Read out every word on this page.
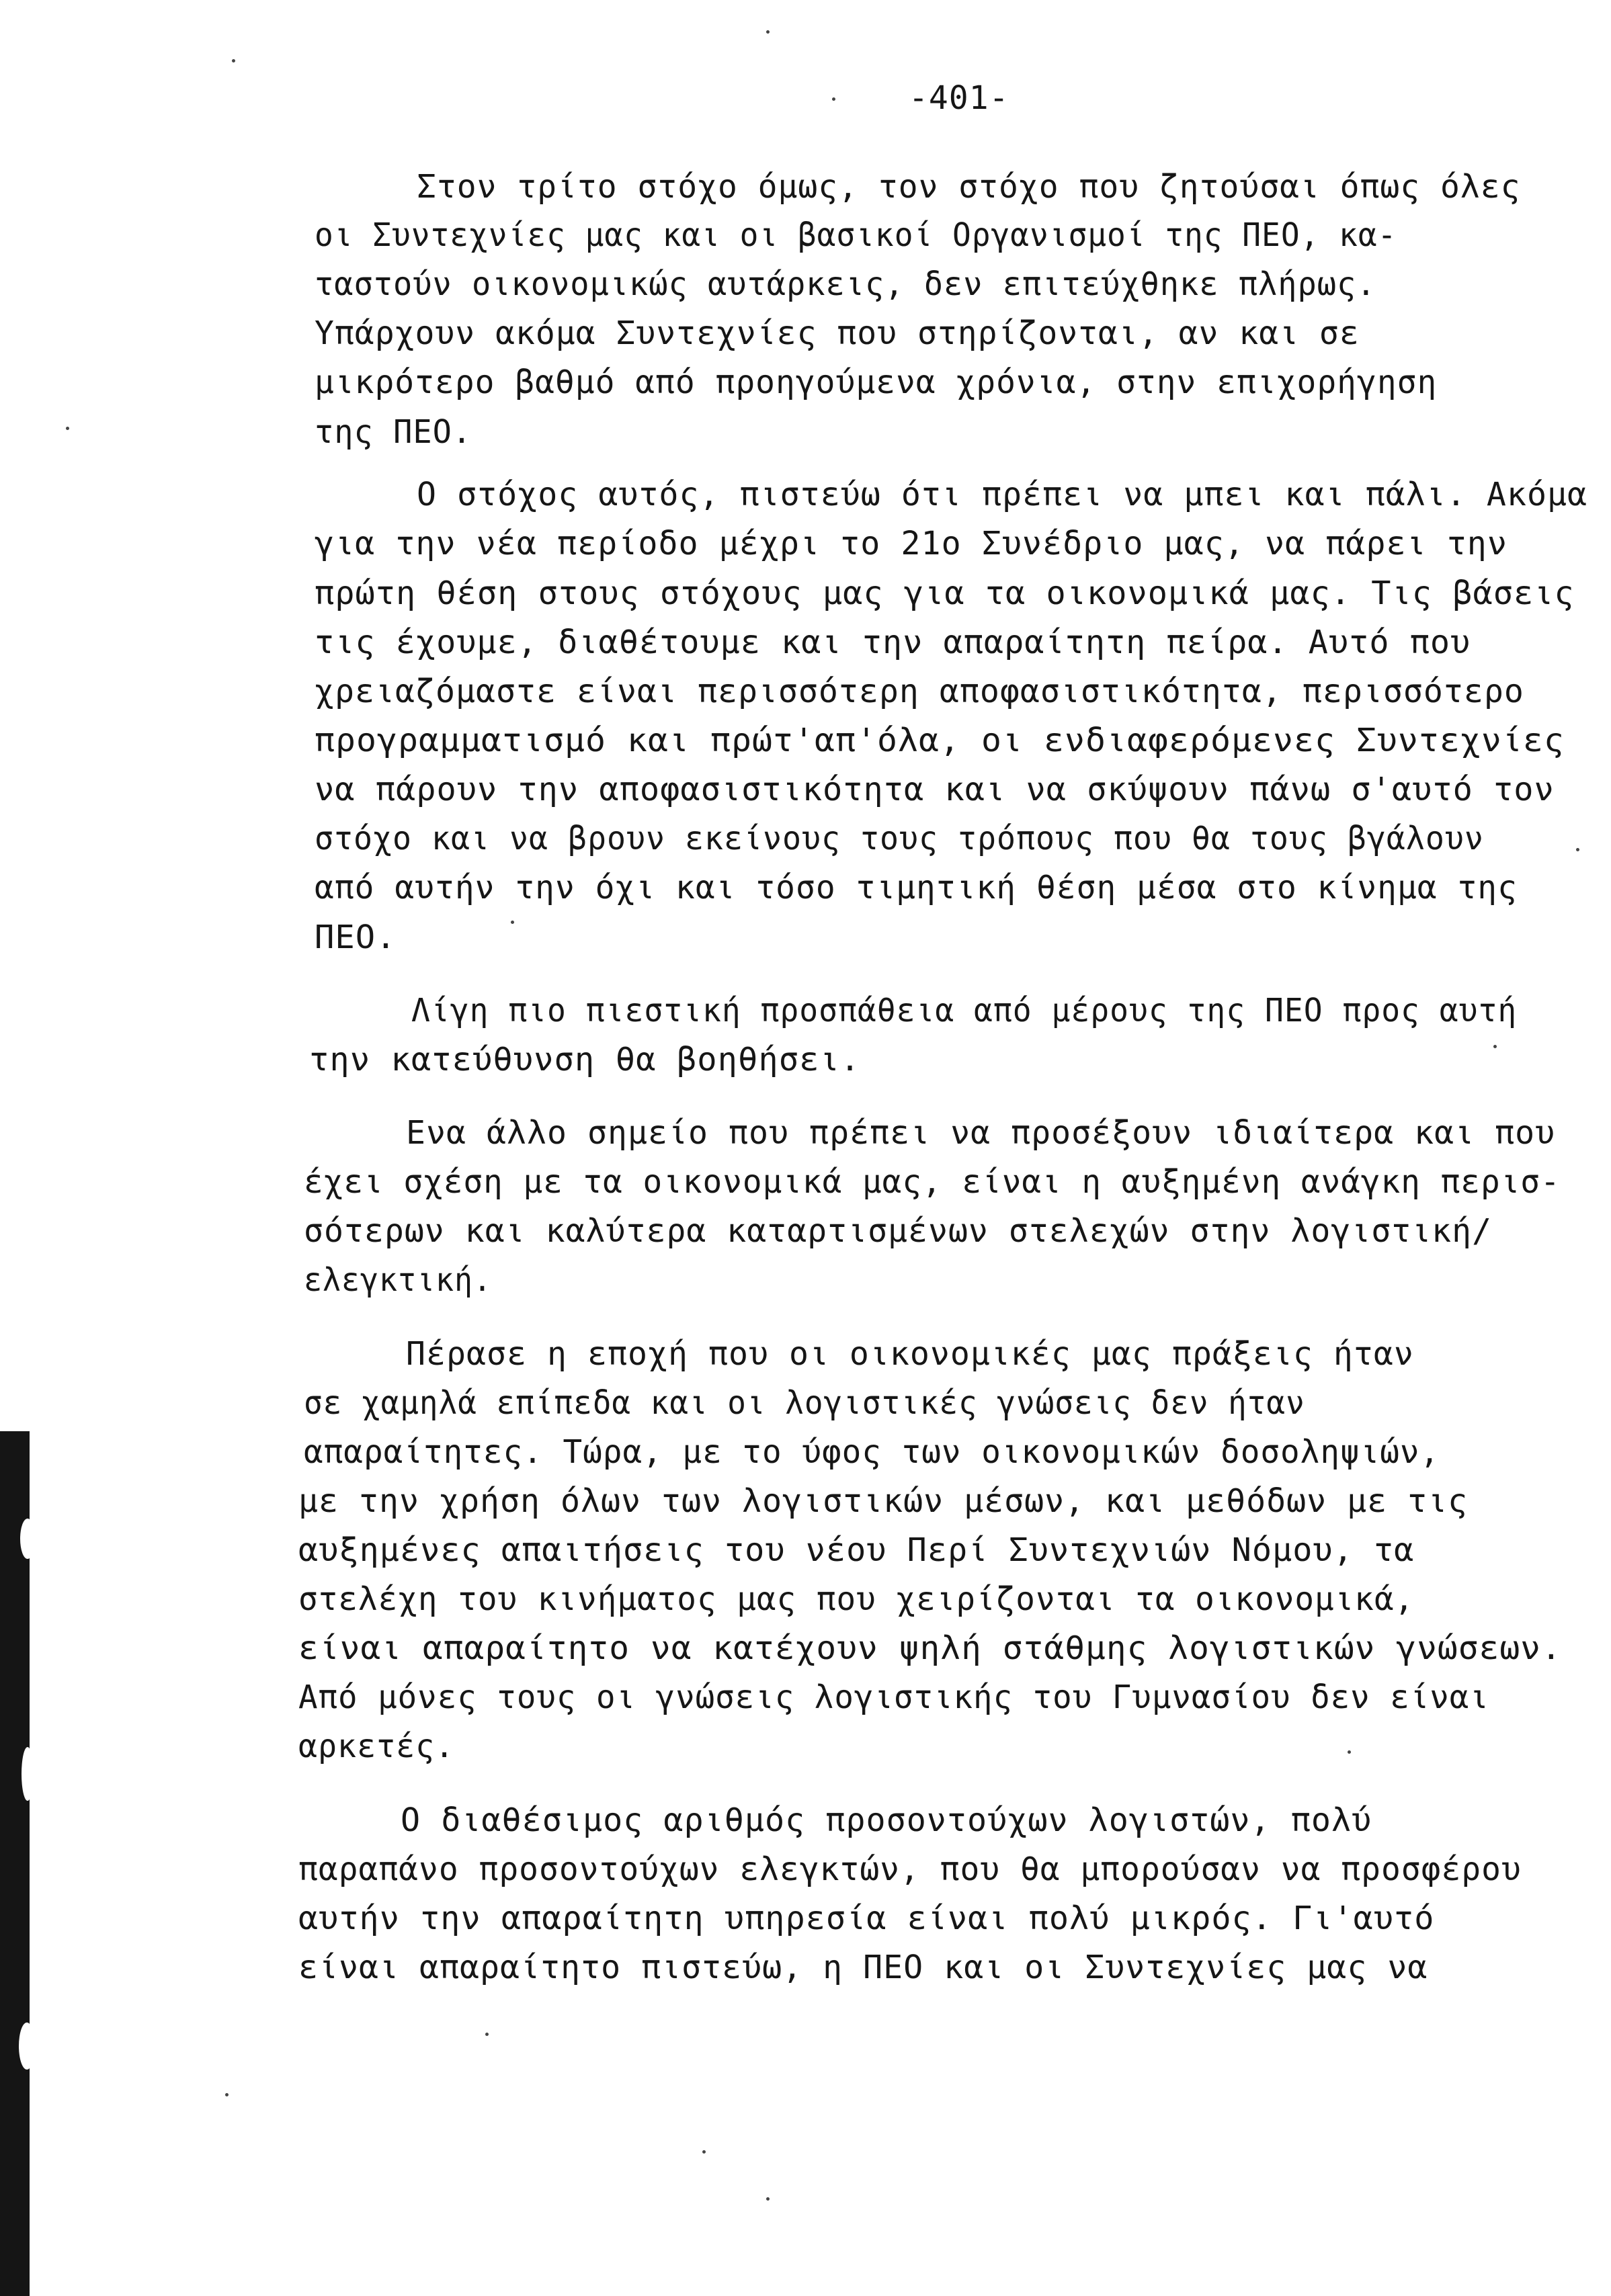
-401-
Στον τρίτο στόχο όμως, τον στόχο που ζητούσαι όπως όλες
οι Συντεχνίες μας και οι βασικοί Οργανισμοί της ΠΕΟ, κα-
ταστούν οικονομικώς αυτάρκεις, δεν επιτεύχθηκε πλήρως.
Υπάρχουν ακόμα Συντεχνίες που στηρίζονται, αν και σε
μικρότερο βαθμό από προηγούμενα χρόνια, στην επιχορήγηση
της ΠΕΟ.
Ο στόχος αυτός, πιστεύω ότι πρέπει να μπει και πάλι. Ακόμα
για την νέα περίοδο μέχρι το 21ο Συνέδριο μας, να πάρει την
πρώτη θέση στους στόχους μας για τα οικονομικά μας. Τις βάσεις
τις έχουμε, διαθέτουμε και την απαραίτητη πείρα. Αυτό που
χρειαζόμαστε είναι περισσότερη αποφασιστικότητα, περισσότερο
προγραμματισμό και πρώτ'απ'όλα, οι ενδιαφερόμενες Συντεχνίες
να πάρουν την αποφασιστικότητα και να σκύψουν πάνω σ'αυτό τον
στόχο και να βρουν εκείνους τους τρόπους που θα τους βγάλουν
από αυτήν την όχι και τόσο τιμητική θέση μέσα στο κίνημα της
ΠΕΟ.
Λίγη πιο πιεστική προσπάθεια από μέρους της ΠΕΟ προς αυτή
την κατεύθυνση θα βοηθήσει.
Ενα άλλο σημείο που πρέπει να προσέξουν ιδιαίτερα και που
έχει σχέση με τα οικονομικά μας, είναι η αυξημένη ανάγκη περισ-
σότερων και καλύτερα καταρτισμένων στελεχών στην λογιστική/
ελεγκτική.
Πέρασε η εποχή που οι οικονομικές μας πράξεις ήταν
σε χαμηλά επίπεδα και οι λογιστικές γνώσεις δεν ήταν
απαραίτητες. Τώρα, με το ύφος των οικονομικών δοσοληψιών,
με την χρήση όλων των λογιστικών μέσων, και μεθόδων με τις
αυξημένες απαιτήσεις του νέου Περί Συντεχνιών Νόμου, τα
στελέχη του κινήματος μας που χειρίζονται τα οικονομικά,
είναι απαραίτητο να κατέχουν ψηλή στάθμης λογιστικών γνώσεων.
Από μόνες τους οι γνώσεις λογιστικής του Γυμνασίου δεν είναι
αρκετές.
Ο διαθέσιμος αριθμός προσοντούχων λογιστών, πολύ
παραπάνο προσοντούχων ελεγκτών, που θα μπορούσαν να προσφέρου
αυτήν την απαραίτητη υπηρεσία είναι πολύ μικρός. Γι'αυτό
είναι απαραίτητο πιστεύω, η ΠΕΟ και οι Συντεχνίες μας να
